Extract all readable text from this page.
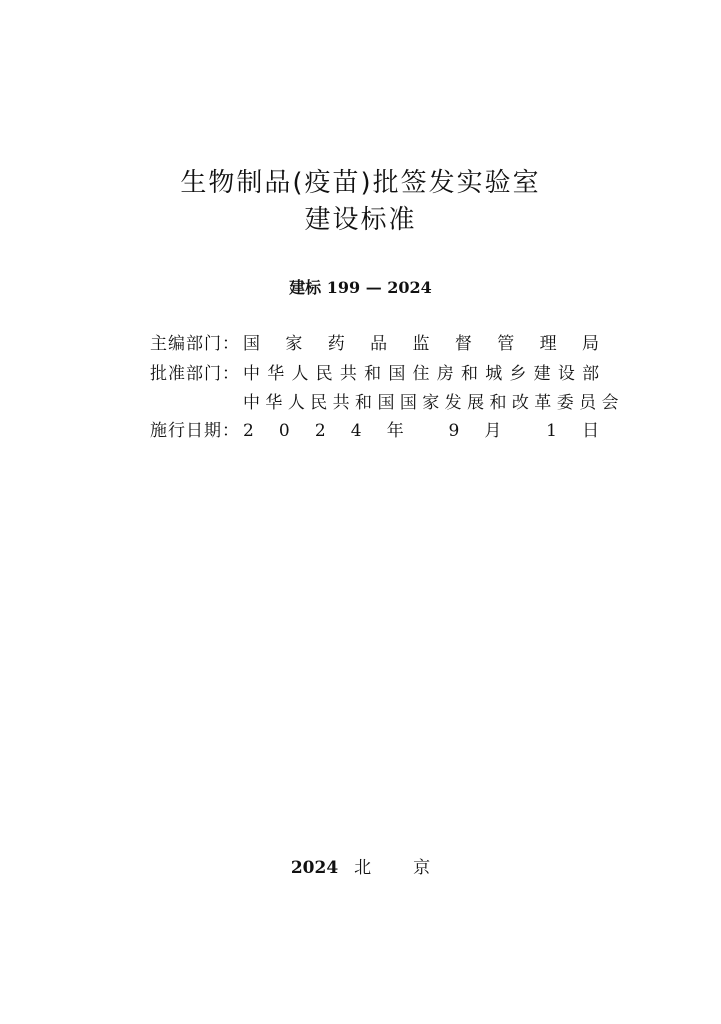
生物制品(疫苗)批签发实验室
建设标准
建标 199 — 2024
主编部门： 国 家 药 品 监 督 管 理 局
批准部门： 中 华 人 民 共 和 国 住 房 和 城 乡 建 设 部
中 华 人 民 共 和 国 国 家 发 展 和 改 革 委 员 会
施行日期： 2 0 2 4 年 9 月 1 日
2024 北京
